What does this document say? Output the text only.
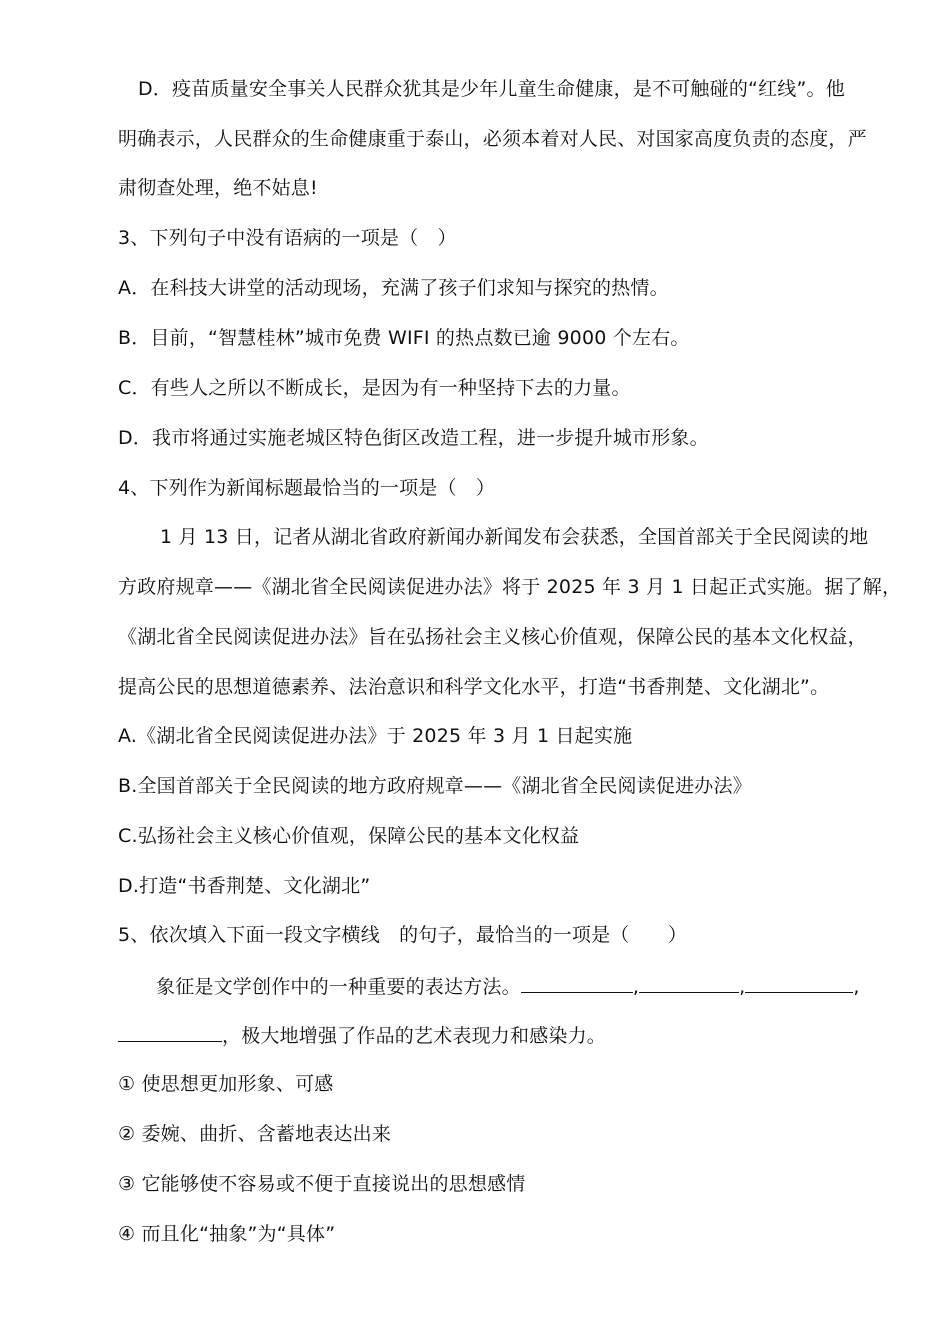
D．疫苗质量安全事关人民群众犹其是少年儿童生命健康，是不可触碰的“红线”。他
明确表示，人民群众的生命健康重于泰山，必须本着对人民、对国家高度负责的态度，严
肃彻查处理，绝不姑息!
3、下列句子中没有语病的一项是（　）
A．在科技大讲堂的活动现场，充满了孩子们求知与探究的热情。
B．目前，“智慧桂林”城市免费 WIFI 的热点数已逾 9000 个左右。
C．有些人之所以不断成长，是因为有一种坚持下去的力量。
D．我市将通过实施老城区特色街区改造工程，进一步提升城市形象。
4、下列作为新闻标题最恰当的一项是（　）
1 月 13 日，记者从湖北省政府新闻办新闻发布会获悉，全国首部关于全民阅读的地
方政府规章——《湖北省全民阅读促进办法》将于 2025 年 3 月 1 日起正式实施。据了解，
《湖北省全民阅读促进办法》旨在弘扬社会主义核心价值观，保障公民的基本文化权益，
提高公民的思想道德素养、法治意识和科学文化水平，打造“书香荆楚、文化湖北”。
A.《湖北省全民阅读促进办法》于 2025 年 3 月 1 日起实施
B.全国首部关于全民阅读的地方政府规章——《湖北省全民阅读促进办法》
C.弘扬社会主义核心价值观，保障公民的基本文化权益
D.打造“书香荆楚、文化湖北”
5、依次填入下面一段文字横线　的句子，最恰当的一项是（　　）
象征是文学创作中的一种重要的表达方法。	,	,	,
，极大地增强了作品的艺术表现力和感染力。
① 使思想更加形象、可感
② 委婉、曲折、含蓄地表达出来
③ 它能够使不容易或不便于直接说出的思想感情
④ 而且化“抽象”为“具体”
